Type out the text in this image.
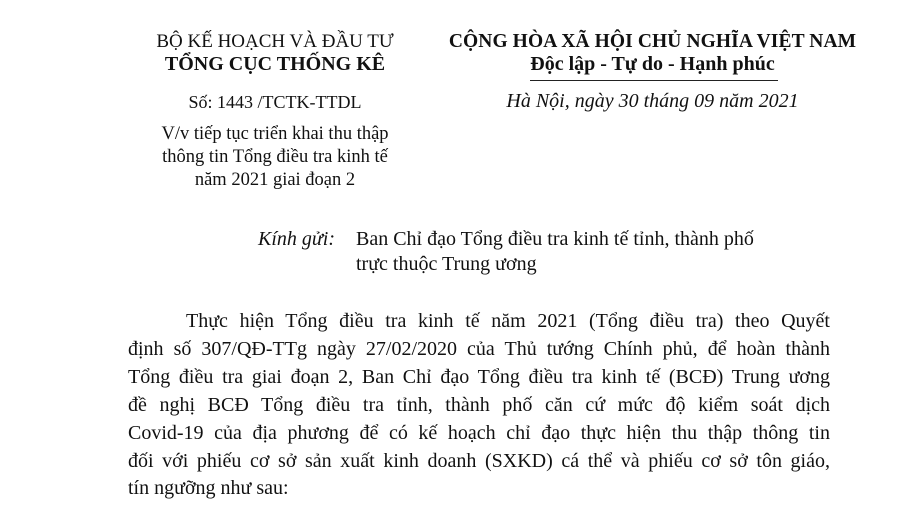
BỘ KẾ HOẠCH VÀ ĐẦU TƯ
TỔNG CỤC THỐNG KÊ
Số: 1443 /TCTK-TTDL
V/v tiếp tục triển khai thu thập
thông tin Tổng điều tra kinh tế
năm 2021 giai đoạn 2
CỘNG HÒA XÃ HỘI CHỦ NGHĨA VIỆT NAM
Độc lập - Tự do - Hạnh phúc
Hà Nội, ngày 30 tháng 09 năm 2021
Kính gửi: Ban Chỉ đạo Tổng điều tra kinh tế tỉnh, thành phố
trực thuộc Trung ương
Thực hiện Tổng điều tra kinh tế năm 2021 (Tổng điều tra) theo Quyết
định số 307/QĐ-TTg ngày 27/02/2020 của Thủ tướng Chính phủ, để hoàn thành
Tổng điều tra giai đoạn 2, Ban Chỉ đạo Tổng điều tra kinh tế (BCĐ) Trung ương
đề nghị BCĐ Tổng điều tra tỉnh, thành phố căn cứ mức độ kiểm soát dịch
Covid-19 của địa phương để có kế hoạch chỉ đạo thực hiện thu thập thông tin
đối với phiếu cơ sở sản xuất kinh doanh (SXKD) cá thể và phiếu cơ sở tôn giáo,
tín ngưỡng như sau:
